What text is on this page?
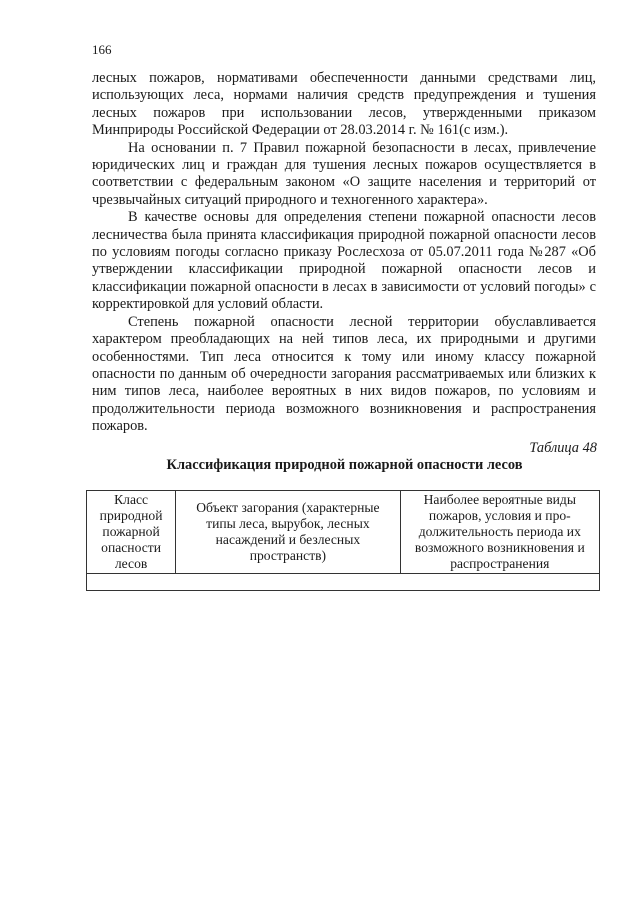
166

лесных пожаров, нормативами обеспеченности данными средствами лиц, использующих леса, нормами наличия средств предупреждения и тушения лесных пожаров при использовании лесов, утвержденными приказом Минприроды Российской Федерации от 28.03.2014 г. № 161(с изм.).

На основании п. 7 Правил пожарной безопасности в лесах, привлечение юридических лиц и граждан для тушения лесных пожаров осуществляется в соответствии с федеральным законом «О защите населения и территорий от чрезвычайных ситуаций природного и техногенного характера».

В качестве основы для определения степени пожарной опасности лесов лесничества была принята классификация природной пожарной опасности лесов по условиям погоды согласно приказу Рослесхоза от 05.07.2011 года №287 «Об утверждении классификации природной пожарной опасности лесов и классификации пожарной опасности в лесах в зависимости от условий погоды» с корректировкой для условий области.

Степень пожарной опасности лесной территории обуславливается характером преобладающих на ней типов леса, их природными и другими особенностями. Тип леса относится к тому или иному классу пожарной опасности по данным об очередности загорания рассматриваемых или близких к ним типов леса, наиболее вероятных в них видов пожаров, по условиям и продолжительности периода возможного возникновения и распространения пожаров.

Таблица 48
Классификация природной пожарной опасности лесов
Класс природной пожарной опасности лесов	Объект загорания (характерные типы леса, вырубок, лесных насаждений и безлесных пространств)	Наиболее вероятные виды пожаров, условия и про-должительность периода их возможного возникновения и распространения
